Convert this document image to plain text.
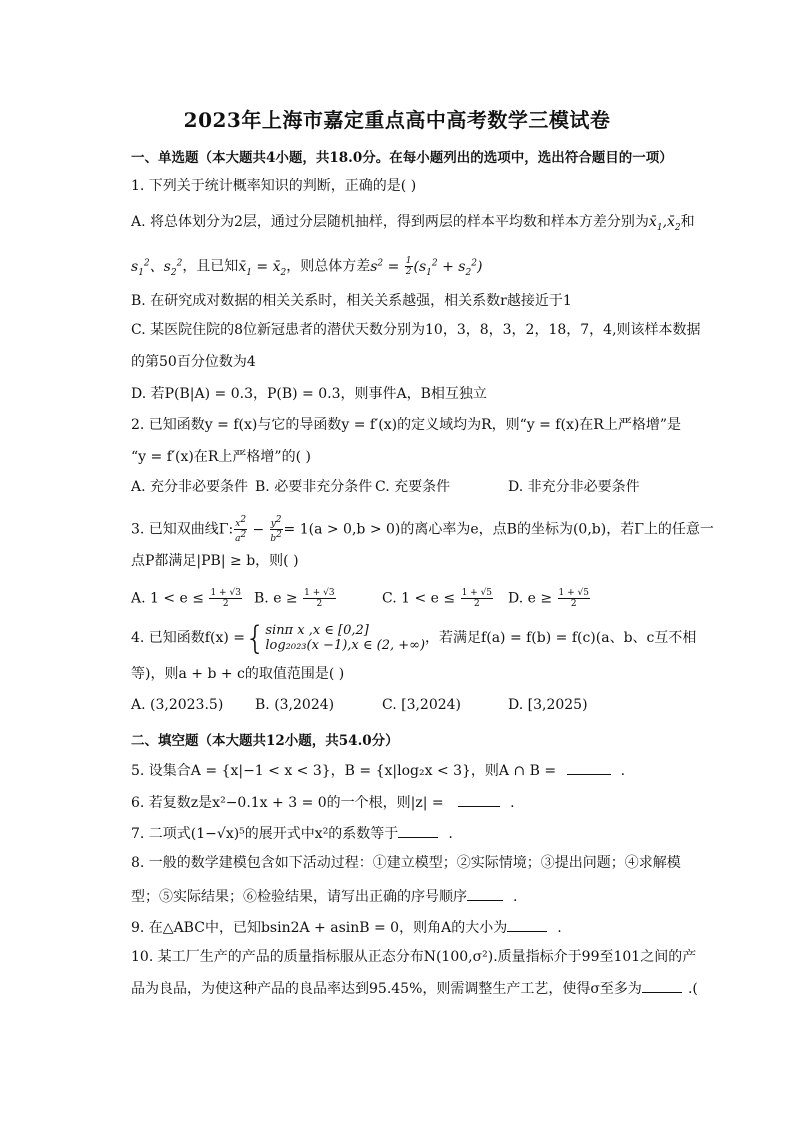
2023年上海市嘉定重点高中高考数学三模试卷
一、单选题（本大题共4小题，共18.0分。在每小题列出的选项中，选出符合题目的一项）
1. 下列关于统计概率知识的判断，正确的是( )
A. 将总体划分为2层，通过分层随机抽样，得到两层的样本平均数和样本方差分别为$x̄_1,x̄_2$和
$s_1^2$、$s_2^2$，且已知$x̄_1$ = $x̄_2$，则总体方差$s^2 = \frac{1}{2} (s_1^2 + s_2^2)$
B. 在研究成对数据的相关关系时，相关关系越强，相关系数r越接近于1
C. 某医院住院的8位新冠患者的潜伏天数分别为10，3，8，3，2，18，7，4,则该样本数据
的第50百分位数为4
D. 若P(B|A) = 0.3，P(B) = 0.3，则事件A，B相互独立
2. 已知函数y = f(x)与它的导函数y = f′(x)的定义域均为R，则“y = f(x)在R上严格增”是
“y = f′(x)在R上严格增”的( )
A. 充分非必要条件 B. 必要非充分条件 C. 充要条件	D. 非充分非必要条件
3. 已知双曲线Γ: $\frac{x^2}{a^2} - \frac{y^2}{b^2} = 1(a > 0,b > 0)$的离心率为e，点B的坐标为(0,b)，若Γ上的任意一
点P都满足|PB| ≥ b，则( )
A. $1 < e \le \frac{1 + √3}{2} B$. $e \ge \frac{1 + √3}{2}$	C. $1 < e \le \frac{1 + √5}{2} D$. $e \ge \frac{1 + √5}{2}$
4. 已知函数f(x) ={ sinπ x ,x ∈ [0,2]
log₂₀₂₃(x −1),x ∈ (2, +∞) ，若满足f(a) = f(b) = f(c)(a、b、c互不相
等)，则a + b + c的取值范围是( )
A. (3,2023.5) B. (3,2024)	C. [3,2024)	D. [3,2025)
二、填空题（本大题共12小题，共54.0分）
5. 设集合A = {x|−1 < x < 3}，B = {x|log₂x < 3}，则A ∩ B =	.
6. 若复数z是x²−0.1x + 3 = 0的一个根，则|z| =	.
7. 二项式(1−√x)⁵的展开式中x²的系数等于	.
8. 一般的数学建模包含如下活动过程：①建立模型；②实际情境；③提出问题；④求解模
型；⑤实际结果；⑥检验结果，请写出正确的序号顺序	.
9. 在△ABC中，已知bsin2A + asinB = 0，则角A的大小为	.
10. 某工厂生产的产品的质量指标服从正态分布N(100,σ²).质量指标介于99至101之间的产
品为良品，为使这种产品的良品率达到95.45%，则需调整生产工艺，使得σ至多为	.(
